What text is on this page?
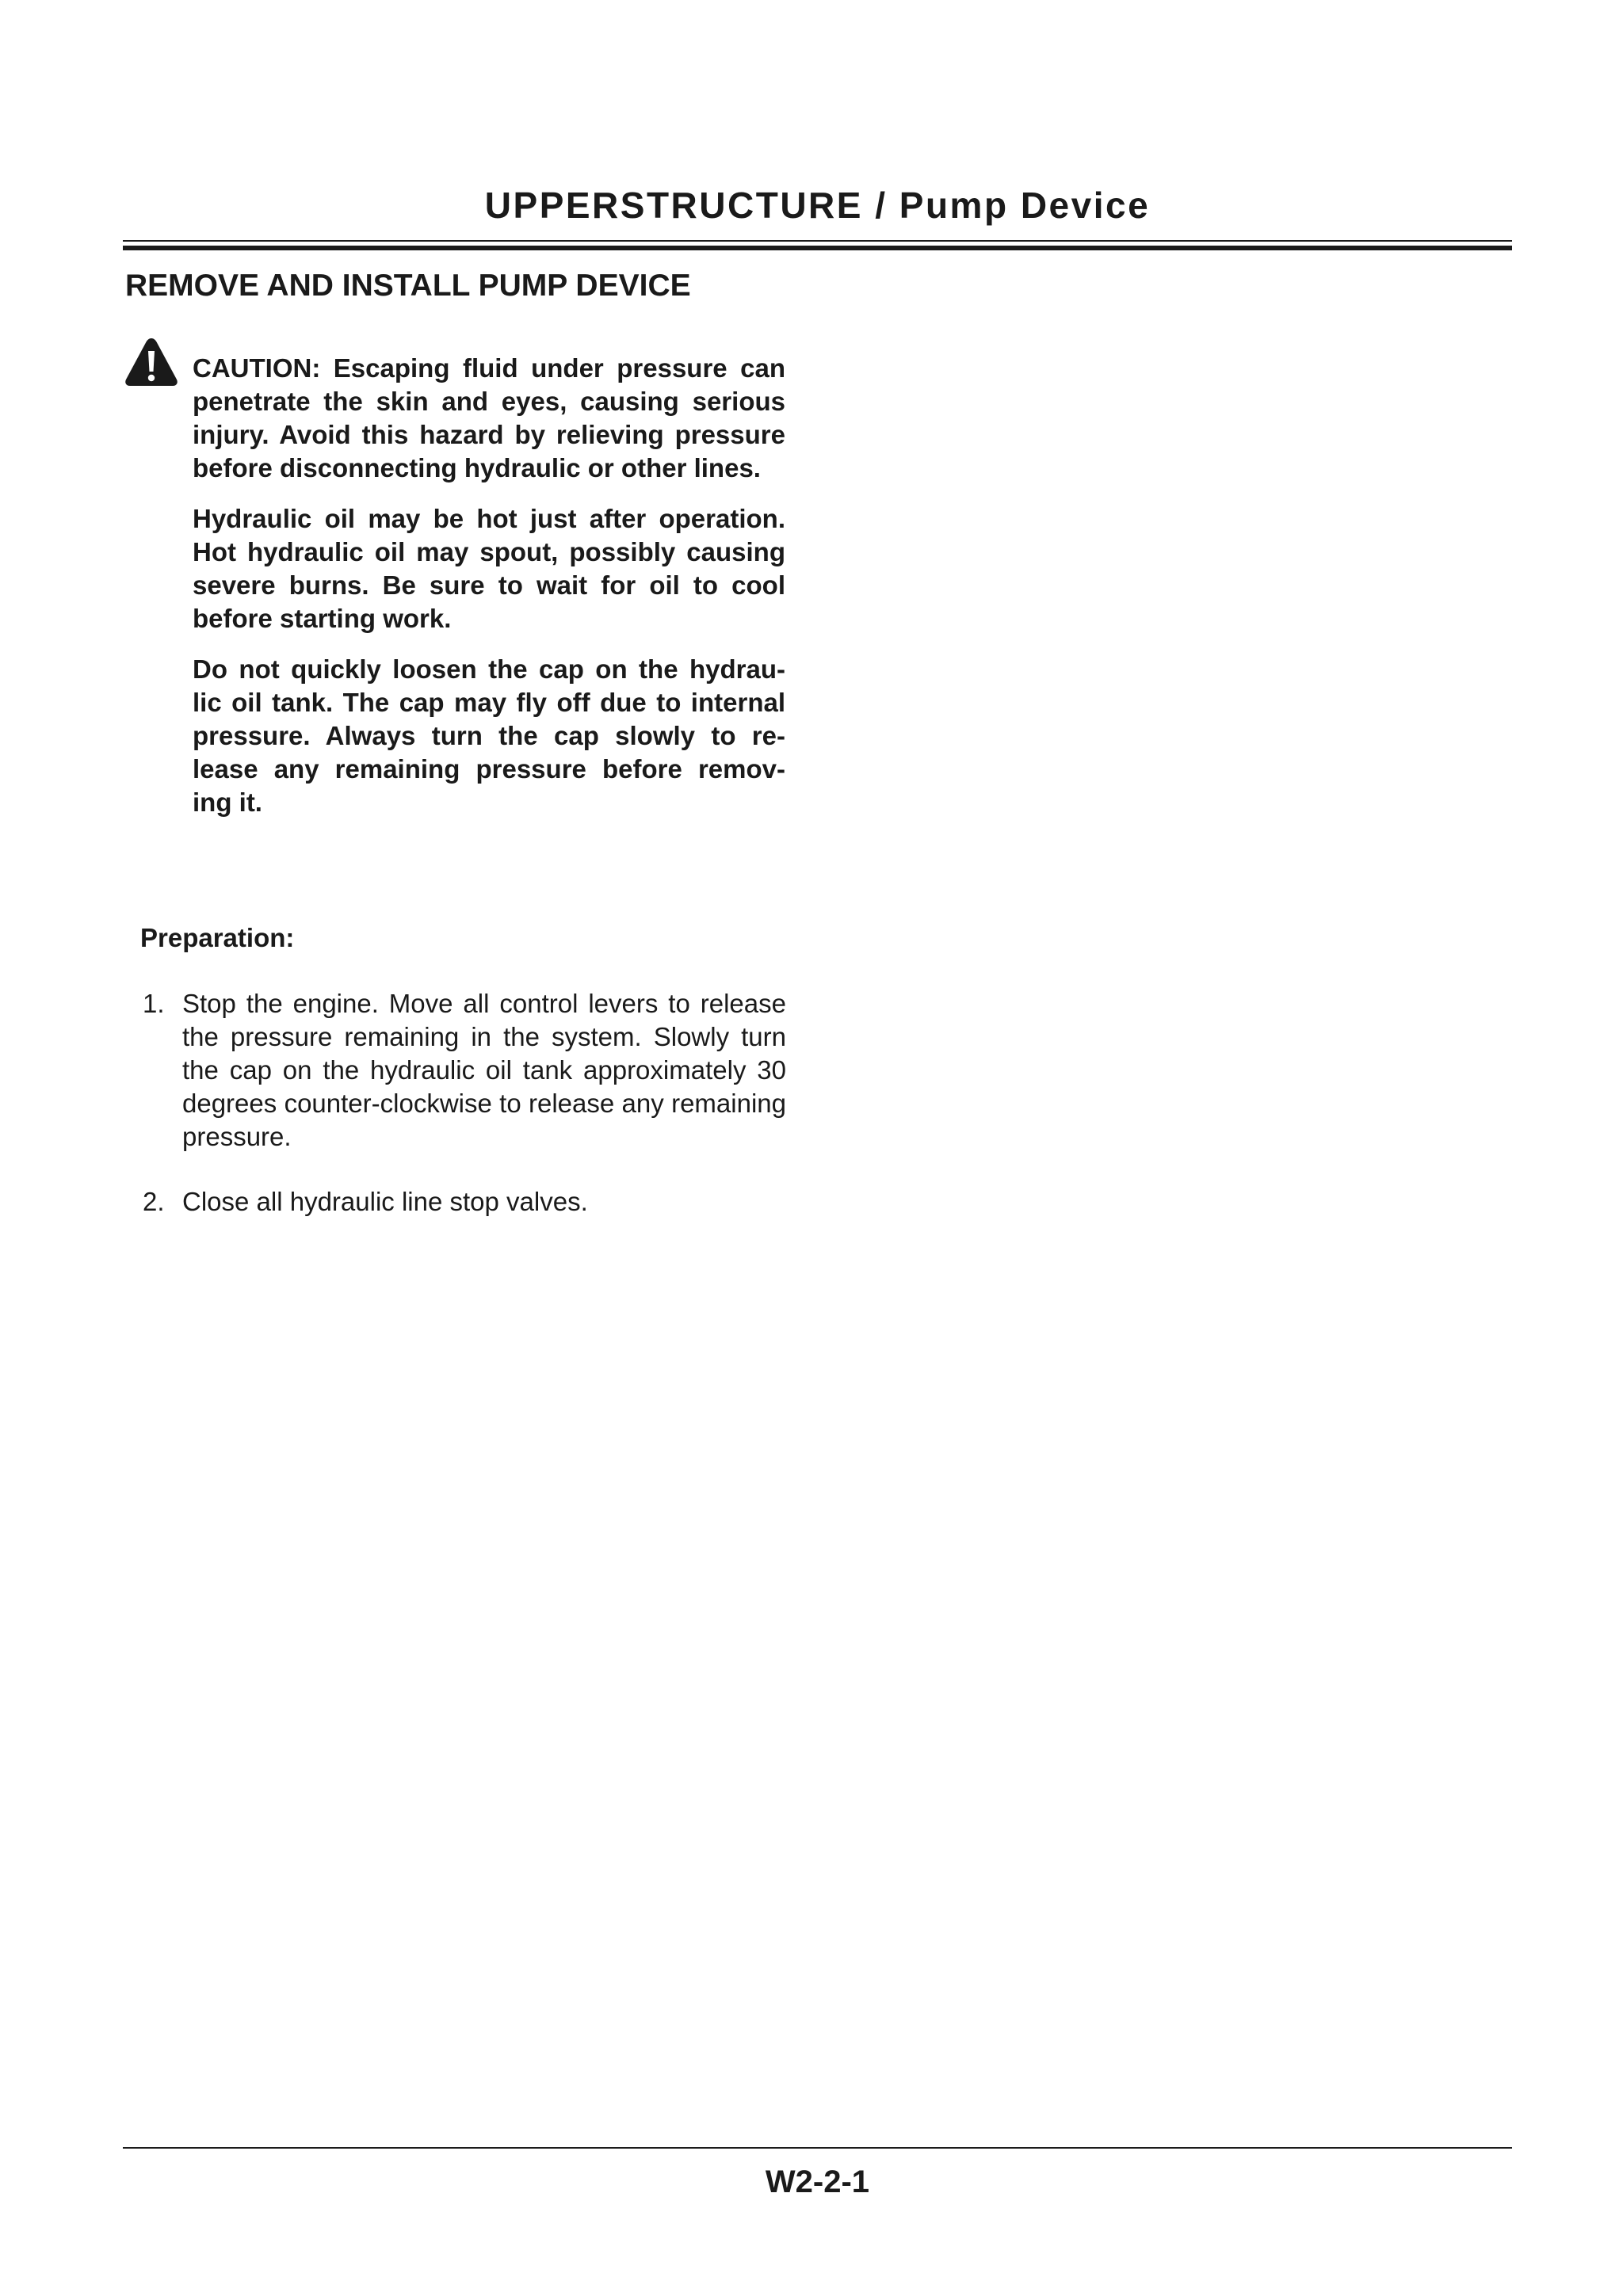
UPPERSTRUCTURE / Pump Device
REMOVE AND INSTALL PUMP DEVICE

CAUTION: Escaping fluid under pressure can penetrate the skin and eyes, causing serious injury. Avoid this hazard by relieving pressure before disconnecting hydraulic or other lines.

Hydraulic oil may be hot just after operation. Hot hydraulic oil may spout, possibly causing severe burns. Be sure to wait for oil to cool before starting work.

Do not quickly loosen the cap on the hydrau- lic oil tank. The cap may fly off due to internal pressure. Always turn the cap slowly to re- lease any remaining pressure before remov- ing it.

Preparation:
1. Stop the engine. Move all control levers to release the pressure remaining in the system. Slowly turn the cap on the hydraulic oil tank approximately 30 degrees counter-clockwise to release any remaining pressure.
2. Close all hydraulic line stop valves.
W2-2-1
